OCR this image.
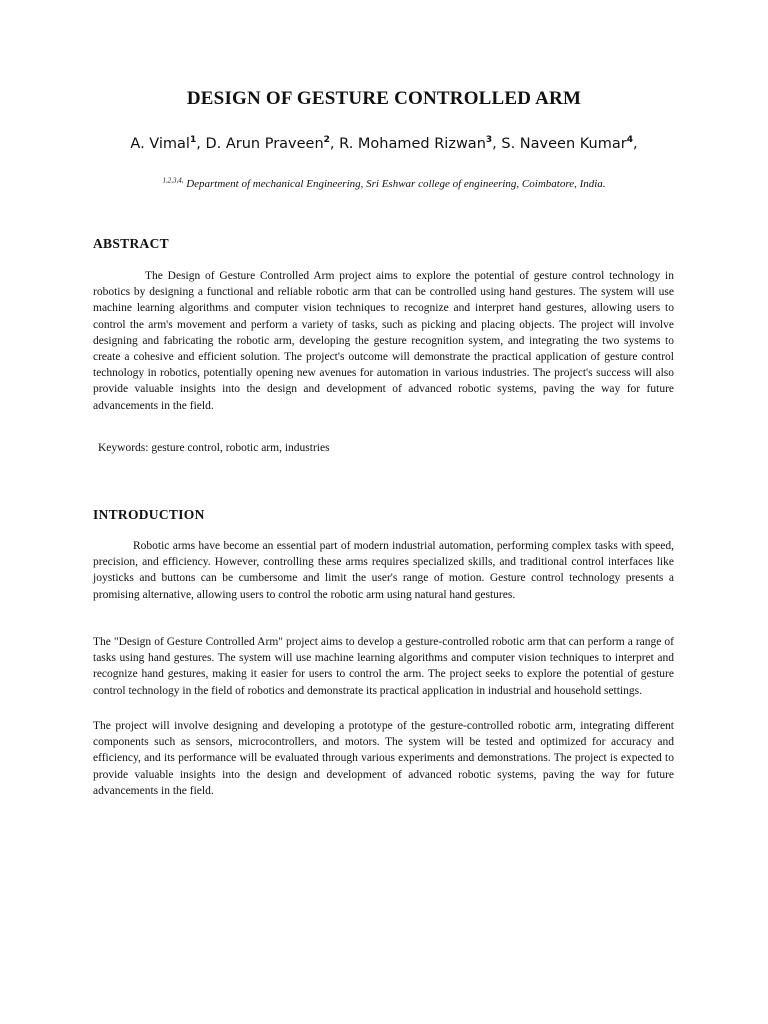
DESIGN OF GESTURE CONTROLLED ARM
A. Vimal$^1$, D. Arun Praveen$^2$, R. Mohamed Rizwan$^3$, S. Naveen Kumar$^4$,
$^{1,2,3,4,}$ Department of mechanical Engineering, Sri Eshwar college of engineering, Coimbatore, India.
ABSTRACT

The Design of Gesture Controlled Arm project aims to explore the potential of gesture control technology in robotics by designing a functional and reliable robotic arm that can be controlled using hand gestures. The system will use machine learning algorithms and computer vision techniques to recognize and interpret hand gestures, allowing users to control the arm's movement and perform a variety of tasks, such as picking and placing objects. The project will involve designing and fabricating the robotic arm, developing the gesture recognition system, and integrating the two systems to create a cohesive and efficient solution. The project's outcome will demonstrate the practical application of gesture control technology in robotics, potentially opening new avenues for automation in various industries. The project's success will also provide valuable insights into the design and development of advanced robotic systems, paving the way for future advancements in the field.

Keywords: gesture control, robotic arm, industries
INTRODUCTION

Robotic arms have become an essential part of modern industrial automation, performing complex tasks with speed, precision, and efficiency. However, controlling these arms requires specialized skills, and traditional control interfaces like joysticks and buttons can be cumbersome and limit the user's range of motion. Gesture control technology presents a promising alternative, allowing users to control the robotic arm using natural hand gestures.

The "Design of Gesture Controlled Arm" project aims to develop a gesture-controlled robotic arm that can perform a range of tasks using hand gestures. The system will use machine learning algorithms and computer vision techniques to interpret and recognize hand gestures, making it easier for users to control the arm. The project seeks to explore the potential of gesture control technology in the field of robotics and demonstrate its practical application in industrial and household settings.

The project will involve designing and developing a prototype of the gesture-controlled robotic arm, integrating different components such as sensors, microcontrollers, and motors. The system will be tested and optimized for accuracy and efficiency, and its performance will be evaluated through various experiments and demonstrations. The project is expected to provide valuable insights into the design and development of advanced robotic systems, paving the way for future advancements in the field.
